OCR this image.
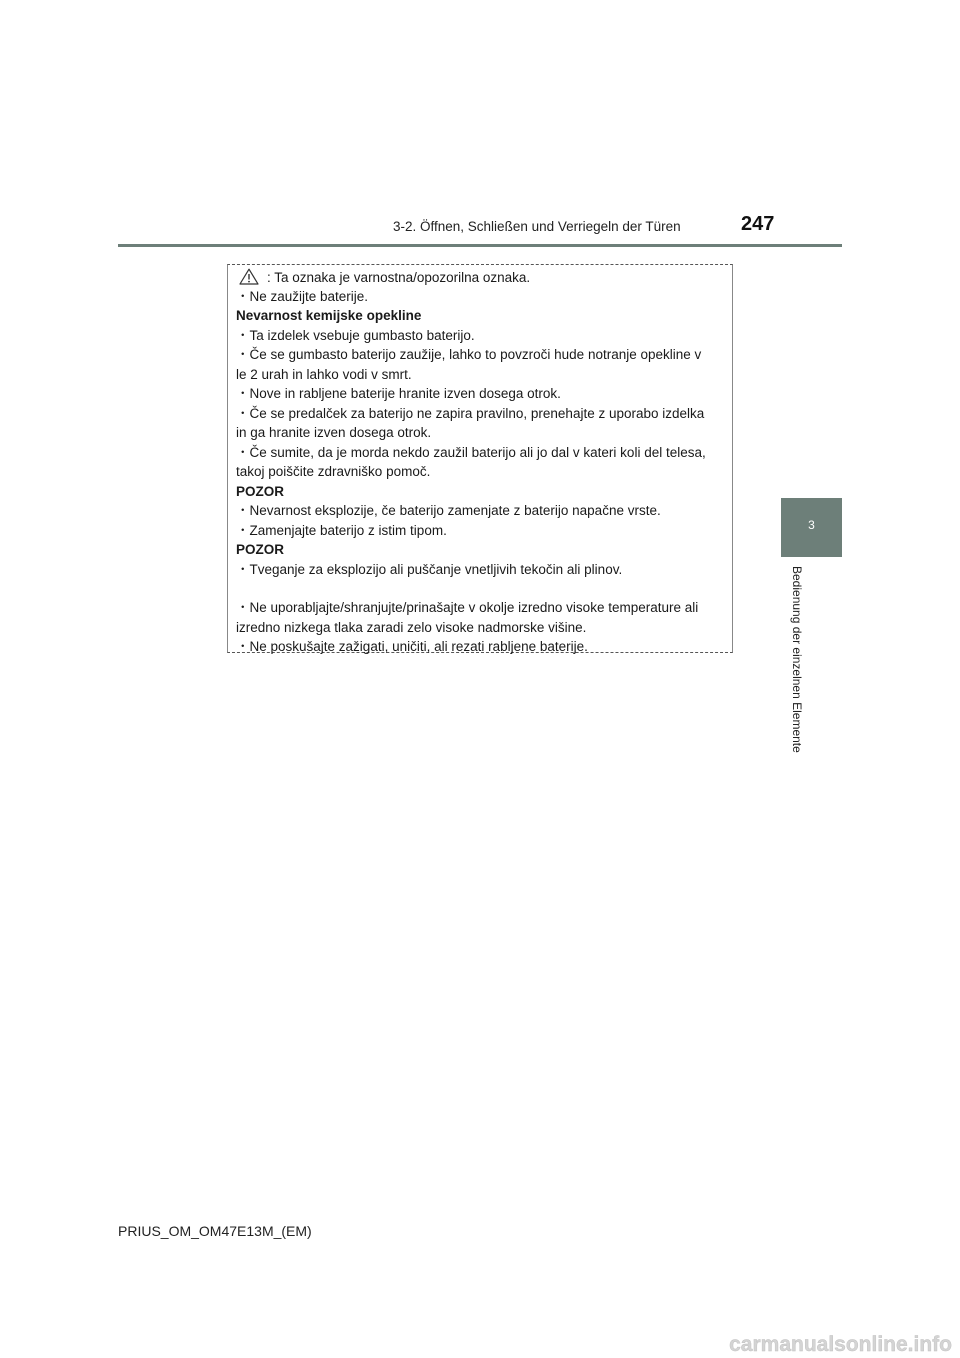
3-2. Öffnen, Schließen und Verriegeln der Türen	247
3
Bedienung der einzelnen Elemente
: Ta oznaka je varnostna/opozorilna oznaka.
・Ne zaužijte baterije.
Nevarnost kemijske opekline
・Ta izdelek vsebuje gumbasto baterijo.
・Če se gumbasto baterijo zaužije, lahko to povzroči hude notranje opekline v
le 2 urah in lahko vodi v smrt.
・Nove in rabljene baterije hranite izven dosega otrok.
・Če se predalček za baterijo ne zapira pravilno, prenehajte z uporabo izdelka
in ga hranite izven dosega otrok.
・Če sumite, da je morda nekdo zaužil baterijo ali jo dal v kateri koli del telesa,
takoj poiščite zdravniško pomoč.
POZOR
・Nevarnost eksplozije, če baterijo zamenjate z baterijo napačne vrste.
・Zamenjajte baterijo z istim tipom.
POZOR
・Tveganje za eksplozijo ali puščanje vnetljivih tekočin ali plinov.
・Ne uporabljajte/shranjujte/prinašajte v okolje izredno visoke temperature ali
izredno nizkega tlaka zaradi zelo visoke nadmorske višine.
・Ne poskušajte zažigati, uničiti, ali rezati rabljene baterije.
PRIUS_OM_OM47E13M_(EM)
carmanualsonline.info
